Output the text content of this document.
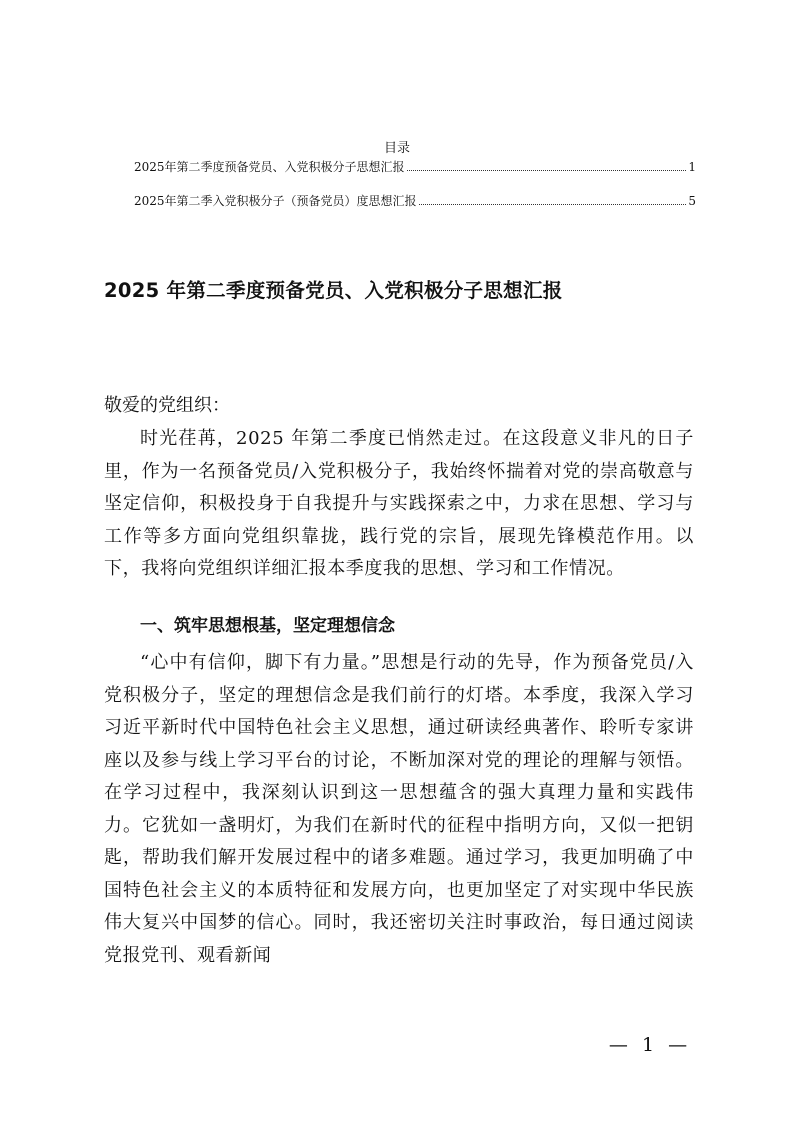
目录
2025年第二季度预备党员、入党积极分子思想汇报	1
2025年第二季入党积极分子（预备党员）度思想汇报	5
2025 年第二季度预备党员、入党积极分子思想汇报
敬爱的党组织：
时光荏苒，2025 年第二季度已悄然走过。在这段意义非凡的日子里，作为一名预备党员/入党积极分子，我始终怀揣着对党的崇高敬意与坚定信仰，积极投身于自我提升与实践探索之中，力求在思想、学习与工作等多方面向党组织靠拢，践行党的宗旨，展现先锋模范作用。以下，我将向党组织详细汇报本季度我的思想、学习和工作情况。
一、筑牢思想根基，坚定理想信念
“心中有信仰，脚下有力量。”思想是行动的先导，作为预备党员/入党积极分子，坚定的理想信念是我们前行的灯塔。本季度，我深入学习习近平新时代中国特色社会主义思想，通过研读经典著作、聆听专家讲座以及参与线上学习平台的讨论，不断加深对党的理论的理解与领悟。在学习过程中，我深刻认识到这一思想蕴含的强大真理力量和实践伟力。它犹如一盏明灯，为我们在新时代的征程中指明方向，又似一把钥匙，帮助我们解开发展过程中的诸多难题。通过学习，我更加明确了中国特色社会主义的本质特征和发展方向，也更加坚定了对实现中华民族伟大复兴中国梦的信心。同时，我还密切关注时事政治，每日通过阅读党报党刊、观看新闻
— 1 —
